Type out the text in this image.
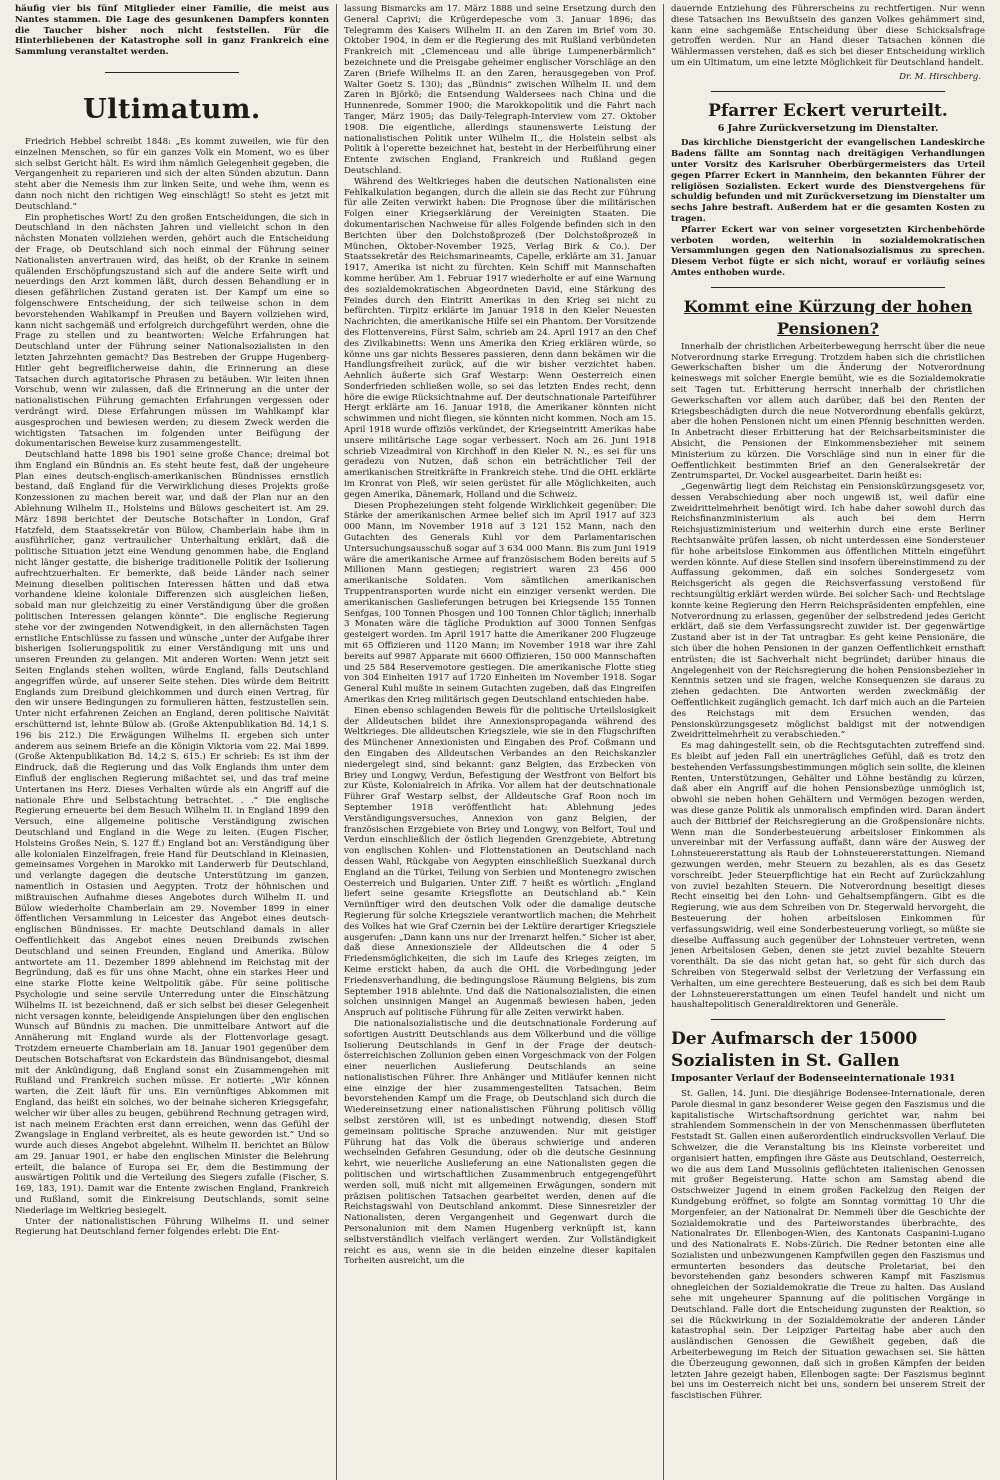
häufig vier bis fünf Mitglieder einer Familie, die meist aus Nantes stammen. Die Lage des gesunkenen Dampfers konnten die Taucher bisher noch nicht feststellen. Für die Hinterbliebenen der Katastrophe soll in ganz Frankreich eine Sammlung veranstaltet werden.

Ultimatum.

Friedrich Hebbel schreibt 1848: „Es kommt zuweilen, wie für den einzelnen Menschen, so für ein ganzes Volk ein Moment, wo es über sich selbst Gericht hält. Es wird ihm nämlich Gelegenheit gegeben, die Vergangenheit zu reparieren und sich der alten Sünden abzutun. Dann steht aber die Nemesis ihm zur linken Seite, und wehe ihm, wenn es dann noch nicht den richtigen Weg einschlägt! So steht es jetzt mit Deutschland.“

Ein prophetisches Wort! Zu den großen Entscheidungen, die sich in Deutschland in den nächsten Jahren und vielleicht schon in den nächsten Monaten vollziehen werden, gehört auch die Entscheidung der Frage, ob Deutschland sich noch einmal der Führung seiner Nationalisten anvertrauen wird, das heißt, ob der Kranke in seinem quälenden Erschöpfungszustand sich auf die andere Seite wirft und neuerdings den Arzt kommen läßt, durch dessen Behandlung er in diesen gefährlichen Zustand geraten ist. Der Kampf um eine so folgenschwere Entscheidung, der sich teilweise schon in dem bevorstehenden Wahlkampf in Preußen und Bayern vollziehen wird, kann nicht sachgemäß und erfolgreich durchgeführt werden, ohne die Frage zu stellen und zu beantworten: Welche Erfahrungen hat Deutschland unter der Führung seiner Nationalsozialisten in den letzten Jahrzehnten gemacht? Das Bestreben der Gruppe Hugenberg-Hitler geht begreiflicherweise dahin, die Erinnerung an diese Tatsachen durch agitatorische Phrasen zu betäuben. Wir leiten ihnen Vorschub, wenn wir zulassen, daß die Erinnerung an die unter der nationalistischen Führung gemachten Erfahrungen vergessen oder verdrängt wird. Diese Erfahrungen müssen im Wahlkampf klar ausgesprochen und bewiesen werden; zu diesem Zweck werden die wichtigsten Tatsachen im folgenden unter Beifügung der dokumentarischen Beweise kurz zusammengestellt.

Deutschland hatte 1898 bis 1901 seine große Chance; dreimal bot ihm England ein Bündnis an. Es steht heute fest, daß der ungeheure Plan eines deutsch-englisch-amerikanischen Bündnisses ernstlich bestand, daß England für die Verwirklichung dieses Projekts große Konzessionen zu machen bereit war, und daß der Plan nur an den Ablehnung Wilhelm II., Holsteins und Bülows gescheitert ist. Am 29. März 1898 berichtet der Deutsche Botschafter in London, Graf Hatzfeld, dem Staatssekretär von Bülow, Chamberlain habe ihm in ausführlicher, ganz vertraulicher Unterhaltung erklärt, daß die politische Situation jetzt eine Wendung genommen habe, die England nicht länger gestatte, die bisherige traditionelle Politik der Isolierung aufrechtzuerhalten. Er bemerkte, daß beide Länder nach seiner Meinung dieselben politischen Interessen hätten und daß etwa vorhandene kleine koloniale Differenzen sich ausgleichen ließen, sobald man nur gleichzeitig zu einer Verständigung über die großen politischen Interessen gelangen könnte“. Die englische Regierung stehe vor der zwingenden Notwendigkeit, in den allernächsten Tagen ernstliche Entschlüsse zu fassen und wünsche „unter der Aufgabe ihrer bisherigen Isolierungspolitik zu einer Verständigung mit uns und unseren Freunden zu gelangen. Mit anderen Worten: Wenn jetzt seit Seiten Englands stehen wollten, würde England, falls Deutschland angegriffen würde, auf unserer Seite stehen. Dies würde dem Beitritt Englands zum Dreibund gleichkommen und durch einen Vertrag, für den wir unsere Bedingungen zu formulieren hätten, festzustellen sein. Unter nicht erfahrenen Zeichen an England, deren politische Naivität erschütternd ist, lehnte Bülow ab. (Große Aktenpublikation Bd. 14,1 S. 196 bis 212.) Die Erwägungen Wilhelms II. ergeben sich unter anderem aus seinem Briefe an die Königin Viktoria vom 22. Mai 1899. (Große Aktenpublikation Bd. 14,2 S. 615.) Er schrieb: Es ist ihm der Eindruck, daß die Regierung und das Volk Englands ihm unter dem Einfluß der englischen Regierung mißachtet sei, und das traf meine Untertanen ins Herz. Dieses Verhalten würde als ein Angriff auf die nationale Ehre und Selbstachtung betrachtet. . .“ Die englische Regierung erneuerte bei dem Besuch Wilhelm II. in England 1899 den Versuch, eine allgemeine politische Verständigung zwischen Deutschland und England in die Wege zu leiten. (Eugen Fischer, Holsteins Großes Nein, S. 127 ff.) England bot an: Verständigung über alle kolonialen Einzelfragen, freie Hand für Deutschland in Kleinasien, gemeinsames Vorgehen in Marokko mit Landerwerb für Deutschland, und verlangte dagegen die deutsche Unterstützung im ganzen, namentlich in Ostasien und Aegypten. Trotz der höhnischen und mißtrauischen Aufnahme dieses Angebotes durch Wilhelm II. und Bülow wiederholte Chamberlain am 29. November 1899 in einer öffentlichen Versammlung in Leicester das Angebot eines deutsch-englischen Bündnisses. Er machte Deutschland damals in aller Oeffentlichkeit das Angebot eines neuen Dreibunds zwischen Deutschland und seinen Freunden, England und Amerika. Bülow antwortete am 11. Dezember 1899 ablehnend im Reichstag mit der Begründung, daß es für uns ohne Macht, ohne ein starkes Heer und eine starke Flotte keine Weltpolitik gäbe. Für seine politische Psychologie und seine servile Unterredung unter die Einschätzung Wilhelms II. ist bezeichnend, daß er sich selbst bei dieser Gelegenheit nicht versagen konnte, beleidigende Anspielungen über den englischen Wunsch auf Bündnis zu machen. Die unmittelbare Antwort auf die Annäherung mit England wurde als der Flottenvorlage gesagt. Trotzdem erneuerte Chamberlain am 18. Januar 1901 gegenüber dem Deutschen Botschaftsrat von Eckardstein das Bündnisangebot, diesmal mit der Ankündigung, daß England sonst ein Zusammengehen mit Rußland und Frankreich suchen müsse. Er notierte: „Wir können warten, die Zeit läuft für uns. Ein vernünftiges Abkommen mit England, das heißt ein solches, wo der beinahe sicheren Kriegsgefahr, welcher wir über alles zu beugen, gebührend Rechnung getragen wird, ist nach meinem Erachten erst dann erreichen, wenn das Gefühl der Zwangslage in England verbreitet, als es heute geworden ist.“ Und so wurde auch dieses Angebot abgelehnt. Wilhelm II. berichtet an Bülow am 29. Januar 1901, er habe den englischen Minister die Belehrung erteilt, die balance of Europa sei Er, dem die Bestimmung der auswärtigen Politik und die Verteilung des Siegers zufalle (Fischer, S. 169, 183, 191). Damit war die Entente zwischen England, Frankreich und Rußland, somit die Einkreisung Deutschlands, somit seine Niederlage im Weltkrieg besiegelt.

Unter der nationalistischen Führung Wilhelms II. und seiner Regierung hat Deutschland ferner folgendes erlebt: Die Ent-

lassung Bismarcks am 17. März 1888 und seine Ersetzung durch den General Caprivi; die Krügerdepesche vom 3. Januar 1896; das Telegramm des Kaisers Wilhelm II. an den Zaren im Brief vom 30. Oktober 1904, in dem er die Regierung des mit Rußland verbündeten Frankreich mit „Clemenceau und alle übrige Lumpenerbärmlich“ bezeichnete und die Preisgabe geheimer englischer Vorschläge an den Zaren (Briefe Wilhelms II. an den Zaren, herausgegeben von Prof. Walter Goetz S. 130); das „Bündnis“ zwischen Wilhelm II. und dem Zaren in Björkö; die Entsendung Waldersees nach China und die Hunnenrede, Sommer 1900; die Marokkopolitik und die Fahrt nach Tanger, März 1905; das Daily-Telegraph-Interview vom 27. Oktober 1908. Die eigentliche, allerdings staunenswerte Leistung der nationalistischen Politik unter Wilhelm II., die Holstein selbst als Politik à l’operette bezeichnet hat, besteht in der Herbeiführung einer Entente zwischen England, Frankreich und Rußland gegen Deutschland.

Während des Weltkrieges haben die deutschen Nationalisten eine Fehlkalkulation begangen, durch die allein sie das Recht zur Führung für alle Zeiten verwirkt haben: Die Prognose über die militärischen Folgen einer Kriegserklärung der Vereinigten Staaten. Die dokumentarischen Nachweise für alles Folgende befinden sich in den Berichten über den Dolchstoßprozeß (Der Dolchstoßprozeß in München, Oktober-November 1925, Verlag Birk & Co.). Der Staatssekretär des Reichsmarineamts, Capelle, erklärte am 31. Januar 1917, Amerika ist nicht zu fürchten. Kein Schiff mit Mannschaften komme herüber. Am 1. Februar 1917 wiederholte er auf eine Warnung des sozialdemokratischen Abgeordneten David, eine Stärkung des Feindes durch den Eintritt Amerikas in den Krieg sei nicht zu befürchten. Tirpitz erklärte im Januar 1918 in den Kieler Neuesten Nachrichten, die amerikanische Hilfe sei ein Phantom. Der Vorsitzende des Flottenvereins, Fürst Salm, schrieb am 24. April 1917 an den Chef des Zivilkabinetts: Wenn uns Amerika den Krieg erklären würde, so könne uns gar nichts Besseres passieren, denn dann bekämen wir die Handlungsfreiheit zurück, auf die wir bisher verzichtet haben. Aehnlich äußerte sich Graf Westarp: Wenn Oesterreich einen Sonderfrieden schließen wolle, so sei das letzten Endes recht, denn höre die ewige Rücksichtnahme auf. Der deutschnationale Parteiführer Hergt erklärte am 16. Januar 1918, die Amerikaner könnten nicht schwimmen und nicht fliegen, sie könnten nicht kommen. Noch am 15. April 1918 wurde offiziös verkündet, der Kriegseintritt Amerikas habe unsere militärische Lage sogar verbessert. Noch am 26. Juni 1918 schrieb Vizeadmiral von Kirchhoff in den Kieler N. N., es sei für uns geradezu von Nutzen, daß schon ein beträchtlicher Teil der amerikanischen Streitkräfte in Frankreich stehe. Und die OHL erklärte im Kronrat von Pleß, wir seien gerüstet für alle Möglichkeiten, auch gegen Amerika, Dänemark, Holland und die Schweiz.

Diesen Prophezeiungen steht folgende Wirklichkeit gegenüber: Die Stärke der amerikanischen Armee belief sich im April 1917 auf 323 000 Mann, im November 1918 auf 3 121 152 Mann, nach den Gutachten des Generals Kuhl vor dem Parlamentarischen Untersuchungsausschuß sogar auf 3 634 000 Mann. Bis zum Juni 1919 wäre die amerikanische Armee auf französischem Boden bereits auf 5 Millionen Mann gestiegen; registriert waren 23 456 000 amerikanische Soldaten. Vom sämtlichen amerikanischen Truppentransporten wurde nicht ein einziger versenkt werden. Die amerikanischen Gaslieferungen betrugen bei Kriegsende 155 Tonnen Senfgas, 100 Tonnen Phosgen und 100 Tonnen Chlor täglich; innerhalb 3 Monaten wäre die tägliche Produktion auf 3000 Tonnen Senfgas gesteigert worden. Im April 1917 hatte die Amerikaner 200 Flugzeuge mit 65 Offizieren und 1120 Mann; im November 1918 war ihre Zahl bereits auf 9987 Apparate mit 6600 Offizieren, 150 000 Mannschaften und 25 584 Reservemotore gestiegen. Die amerikanische Flotte stieg von 304 Einheiten 1917 auf 1720 Einheiten im November 1918. Sogar General Kuhl mußte in seinem Gutachten zugeben, daß das Eingreifen Amerikas den Krieg militärisch gegen Deutschland entschieden habe.

Einen ebenso schlagenden Beweis für die politische Urteilslosigkeit der Alldeutschen bildet ihre Annexionspropaganda während des Weltkrieges. Die alldeutschen Kriegsziele, wie sie in den Flugschriften des Münchener Annexionisten und Eingaben des Prof. Coßmann und den Eingaben des Alldeutschen Verbandes an den Reichskanzler niedergelegt sind, sind bekannt: ganz Belgien, das Erzbecken von Briey und Longwy, Verdun, Befestigung der Westfront von Belfort bis zur Küste, Kolonialreich in Afrika. Vor allem hat der deutschnationale Führer Graf Westarp selbst, der Alldeutsche Graf Roon noch im September 1918 veröffentlicht hat: Ablehnung jedes Verständigungsversuches, Annexion von ganz Belgien, der französischen Erzgebiete von Briey und Longwy, von Belfort, Toul und Verdun einschließlich der östlich liegenden Grenzgebiete, Abtretung von englischen Kohlen- und Flottenstationen an Deutschland nach dessen Wahl, Rückgabe von Aegypten einschließlich Suezkanal durch England an die Türkei, Teilung von Serbien und Montenegro zwischen Oesterreich und Bulgarien. Unter Ziff. 7 heißt es wörtlich: „England liefert seine gesamte Kriegsflotte an Deutschland ab.“ Kein Vernünftiger wird den deutschen Volk oder die damalige deutsche Regierung für solche Kriegsziele verantwortlich machen; die Mehrheit des Volkes hat wie Graf Czernin bei der Lektüre derartiger Kriegsziele ausgerufen: „Dann kann uns nur der Irrenarzt helfen.“ Sicher ist aber, daß diese Annexionsziele der Alldeutschen die 4 oder 5 Friedensmöglichkeiten, die sich im Laufe des Krieges zeigten, im Keime erstickt haben, da auch die OHL die Vorbedingung jeder Friedensverhandlung, die bedingungslose Räumung Belgiens, bis zum September 1918 ablehnte. Und daß die Nationalsozialisten, die einen solchen unsinnigen Mangel an Augenmaß bewiesen haben, jeden Anspruch auf politische Führung für alle Zeiten verwirkt haben.

Die nationalsozialistische und die deutschnationale Forderung auf sofortigen Austritt Deutschlands aus dem Völkerbund und die völlige Isolierung Deutschlands in Genf in der Frage der deutsch-österreichischen Zollunion geben einen Vorgeschmack von der Folgen einer neuerlichen Auslieferung Deutschlands an seine nationalistischen Führer. Ihre Anhänger und Mitläufer kennen nicht eine einzige der hier zusammengestellten Tatsachen. Beim bevorstehenden Kampf um die Frage, ob Deutschland sich durch die Wiedereinsetzung einer nationalistischen Führung politisch völlig selbst zerstören will, ist es unbedingt notwendig, diesen Stoff gemeinsam politische Sprache anzuwenden. Nur mit geistiger Führung hat das Volk die überaus schwierige und anderen wechselnden Gefahren Gesundung, oder ob die deutsche Gesinnung kehrt, wie neuerliche Auslieferung an eine Nationalisten gegen die politischen und wirtschaftlichen Zusammenbruch entgegengeführt werden soll, muß nicht mit allgemeinen Erwägungen, sondern mit präzisen politischen Tatsachen gearbeitet werden, denen auf die Reichstagswahl von Deutschland ankommt. Diese Sinnesreizler der Nationalisten, deren Vergangenheit und Gegenwart durch die Personalunion mit dem Namen Hugenberg verknüpft ist, kann selbstverständlich vielfach verlängert werden. Zur Vollständigkeit reicht es aus, wenn sie in die beiden einzelne dieser kapitalen Torheiten ausreicht, um die

dauernde Entziehung des Führerscheins zu rechtfertigen. Nur wenn diese Tatsachen ins Bewußtsein des ganzen Volkes gehämmert sind, kann eine sachgemäße Entscheidung über diese Schicksalsfrage getroffen werden. Nur an Hand dieser Tatsachen können die Wählermassen verstehen, daß es sich bei dieser Entscheidung wirklich um ein Ultimatum, um eine letzte Möglichkeit für Deutschland handelt.

Dr. M. Hirschberg.
Pfarrer Eckert verurteilt.
6 Jahre Zurückversetzung im Dienstalter.

Das kirchliche Dienstgericht der evangelischen Landeskirche Badens fällte am Sonntag nach dreitägigen Verhandlungen unter Vorsitz des Karlsruher Oberbürgermeisters das Urteil gegen Pfarrer Eckert in Mannheim, den bekannten Führer der religiösen Sozialisten. Eckert wurde des Dienstvergehens für schuldig befunden und mit Zurückversetzung im Dienstalter um sechs Jahre bestraft. Außerdem hat er die gesamten Kosten zu tragen.

Pfarrer Eckert war von seiner vorgesetzten Kirchenbehörde verboten worden, weiterhin in sozialdemokratischen Versammlungen gegen den Nationalsozialismus zu sprechen. Diesem Verbot fügte er sich nicht, worauf er vorläufig seines Amtes enthoben wurde.

Kommt eine Kürzung der hohen Pensionen?

Innerhalb der christlichen Arbeiterbewegung herrscht über die neue Notverordnung starke Erregung. Trotzdem haben sich die christlichen Gewerkschaften bisher um die Änderung der Notverordnung keineswegs mit solcher Energie bemüht, wie es die Sozialdemokratie seit Tagen tut. Erbitterung herrscht innerhalb der christlichen Gewerkschaften vor allem auch darüber, daß bei den Renten der Kriegsbeschädigten durch die neue Notverordnung ebenfalls gekürzt, aber die hohen Pensionen nicht um einen Pfennig beschnitten werden. In Anbetracht dieser Erbitterung hat der Reichsarbeitsminister die Absicht, die Pensionen der Einkommensbezieher mit seinem Ministerium zu kürzen. Die Vorschläge sind nun in einer für die Oeffentlichkeit bestimmten Brief an den Generalsekretär der Zentrumspartei, Dr. Vockel ausgearbeitet. Darin heißt es:

„Gegenwärtig liegt dem Reichstag ein Pensionskürzungsgesetz vor, dessen Verabschiedung aber noch ungewiß ist, weil dafür eine Zweidrittelmehrheit benötigt wird. Ich habe daher sowohl durch das Reichsfinanzministerium als auch bei dem Herrn Reichsjustizministerium und weiterhin durch eine erste Berliner Rechtsanwälte prüfen lassen, ob nicht unterdessen eine Sondersteuer für hohe arbeitslose Einkommen aus öffentlichen Mitteln eingeführt werden könnte. Auf diese Stellen sind insofern übereinstimmend zu der Auffassung gekommen, daß ein solches Sondergesetz vom Reichsgericht als gegen die Reichsverfassung verstoßend für rechtsungültig erklärt werden würde. Bei solcher Sach- und Rechtslage konnte keine Regierung den Herrn Reichspräsidenten empfehlen, eine Notverordnung zu erlassen, gegenüber der selbstredend jedes Gericht erklärt, daß sie dem Verfassungsrecht zuwider ist. Der gegenwärtige Zustand aber ist in der Tat untragbar. Es geht keine Pensionäre, die sich über die hohen Pensionen in der ganzen Oeffentlichkeit ernsthaft entrüsten; die ist Sachverhalt nicht begründet; darüber hinaus die Angelegenheit von der Reichsregierung die hohen Pensionsbezieher in Kenntnis setzen und sie fragen, welche Konsequenzen sie daraus zu ziehen gedachten. Die Antworten werden zweckmäßig der Oeffentlichkeit zugänglich gemacht. Ich darf mich auch an die Parteien des Reichstags mit dem Ersuchen wenden, das Pensionskürzungsgesetz möglichst baldigst mit der notwendigen Zweidrittelmehrheit zu verabschieden.“

Es mag dahingestellt sein, ob die Rechtsgutachten zutreffend sind. Es bleibt auf jeden Fall ein unerträgliches Gefühl, daß es trotz den bestehenden Verfassungsbestimmungen möglich sein sollte, die kleinen Renten, Unterstützungen, Gehälter und Löhne beständig zu kürzen, daß aber ein Angriff auf die hohen Pensionsbezüge unmöglich ist, obwohl sie neben hohen Gehältern und Vermögen bezogen werden, was diese ganze Politik als unmoralisch empfinden wird. Daran ändert auch der Bittbrief der Reichsregierung an die Großpensionäre nichts. Wenn man die Sonderbesteuerung arbeitsloser Einkommen als unvereinbar mit der Verfassung auffaßt, dann wäre der Ausweg der Lohnsteuererstattung als Raub der Lohnsteuererstattungen. Niemand gezwungen werden, mehr Steuern zu bezahlen, als es das Gesetz vorschreibt. Jeder Steuerpflichtige hat ein Recht auf Zurückzahlung von zuviel bezahlten Steuern. Die Notverordnung beseitigt dieses Recht einseitig bei den Lohn- und Gehaltsempfängern. Gibt es die Regierung, wie aus dem Schreiben von Dr. Stegerwald hervorgeht, die Besteuerung der hohen arbeitslosen Einkommen für verfassungswidrig, weil eine Sonderbesteuerung vorliegt, so müßte sie dieselbe Auffassung auch gegenüber der Lohnsteuer vertreten, wenn jenen Arbeitslosen Geben, denen sie jetzt zuviel bezahlte Steuern vorenthält. Da sie das nicht getan hat, so geht für sich durch das Schreiben von Stegerwald selbst der Verletzung der Verfassung ein Verhalten, um eine gerechtere Besteuerung, daß es sich bei dem Raub der Lohnsteuererstattungen um einen Teufel handelt und nicht um haushaltepolitisch Generaldirektoren und Generäle.

Der Aufmarsch der 15000 Sozialisten in St. Gallen
Imposanter Verlauf der Bodenseeinternationale 1931

St. Gallen, 14. Juni. Die diesjährige Bodensee-Internationale, deren Parole diesmal in ganz besonderer Weise gegen den Faszismus und die kapitalistische Wirtschaftsordnung gerichtet war, nahm bei strahlendem Sommenschein in der von Menschenmassen überfluteten Feststadt St. Gallen einen außerordentlich eindrucksvollen Verlauf. Die Schweizer, die die Veranstaltung bis ins Kleinste vorbereitet und organisiert hatten, empfingen ihre Gäste aus Deutschland, Oesterreich, wo die aus dem Land Mussolinis geflüchteten italienischen Genossen mit großer Begeisterung. Hatte schon am Samstag abend die Ostschweizer Jugend in einem großen Fackelzug den Reigen der Kundgebung eröffnet, so folgte am Sonntag vormittag 10 Uhr die Morgenfeier, an der Nationalrat Dr. Nemmeli über die Geschichte der Sozialdemokratie und des Parteiworstandes überbrachte, des Nationalrates Dr. Ellenbogen-Wien, des Kantonats Caspanini-Lugano und des Nationalrats E. Nobs-Zürich. Die Redner betonten eine alle Sozialisten und unbezwungenen Kampfwillen gegen den Faszismus und ermunterten besonders das deutsche Proletariat, bei den bevorstehenden ganz besonders schweren Kampf mit Faszismus ohnegleichen der Sozialdemokratie die Treue zu halten. Das Ausland sehe mit ungeheurer Spannung auf die politischen Vorgänge in Deutschland. Falle dort die Entscheidung zugunsten der Reaktion, so sei die Rückwirkung in der Sozialdemokratie der anderen Länder katastrophal sein. Der Leipziger Parteitag habe aber auch den ausländischen Genossen die Gewißheit gegeben, daß die Arbeiterbewegung im Reich der Situation gewachsen sei. Sie hätten die Überzeugung gewonnen, daß sich in großen Kämpfen der beiden letzten Jahre gezeigt haben, Ellenbogen sagte: Der Faszismus beginnt bei uns im Oesterreich nicht bei uns, sondern bei unserem Streit der fascistischen Führer.
